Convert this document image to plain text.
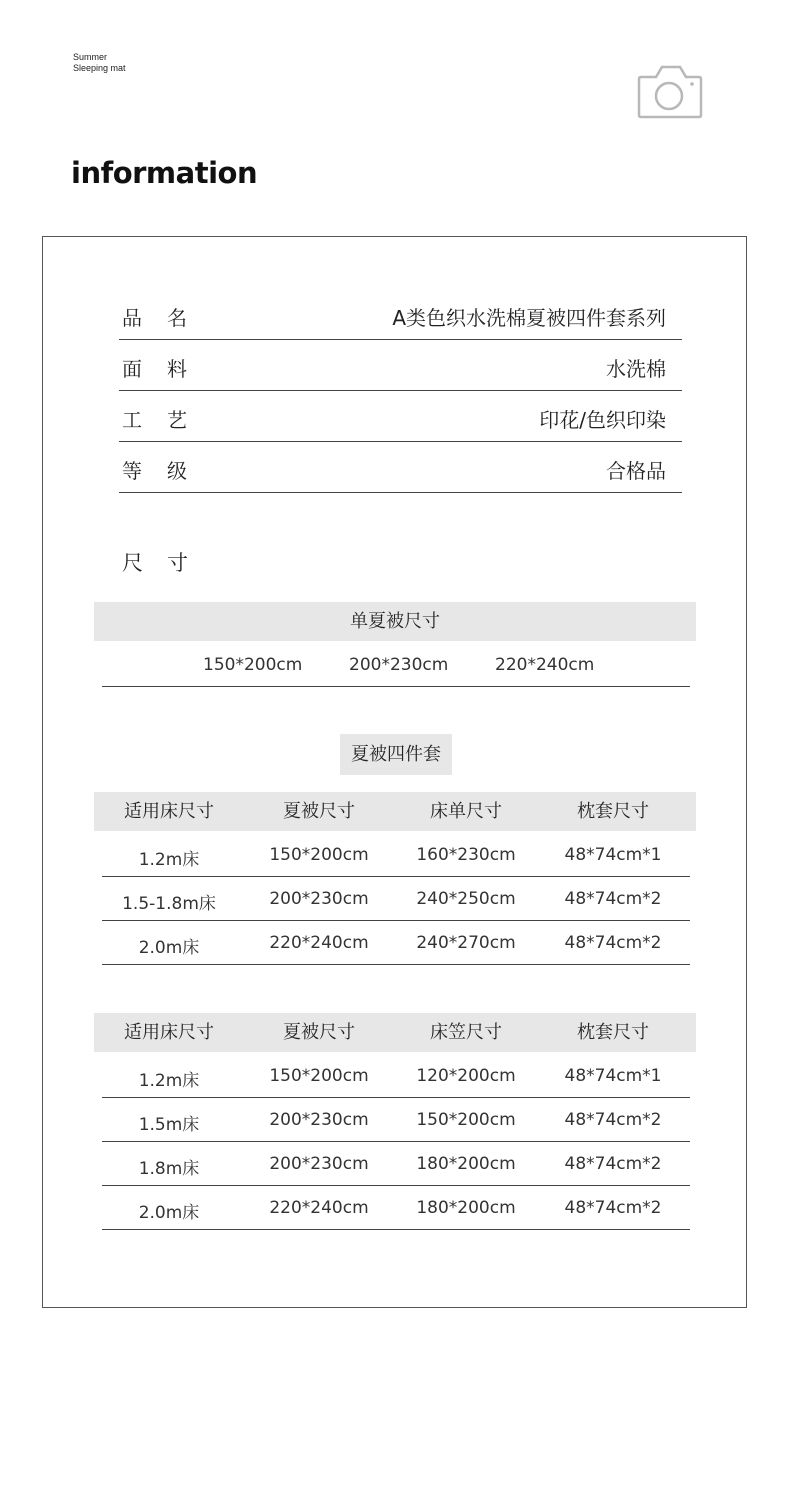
Summer
Sleeping mat
information
品名	A类色织水洗棉夏被四件套系列
面料	水洗棉
工艺	印花/色织印染
等级	合格品
尺寸
单夏被尺寸
150*200cm	200*230cm	220*240cm
夏被四件套
适用床尺寸	夏被尺寸	床单尺寸	枕套尺寸
1.2m床	150*200cm	160*230cm	48*74cm*1
1.5-1.8m床	200*230cm	240*250cm	48*74cm*2
2.0m床	220*240cm	240*270cm	48*74cm*2
适用床尺寸	夏被尺寸	床笠尺寸	枕套尺寸
1.2m床	150*200cm	120*200cm	48*74cm*1
1.5m床	200*230cm	150*200cm	48*74cm*2
1.8m床	200*230cm	180*200cm	48*74cm*2
2.0m床	220*240cm	180*200cm	48*74cm*2
